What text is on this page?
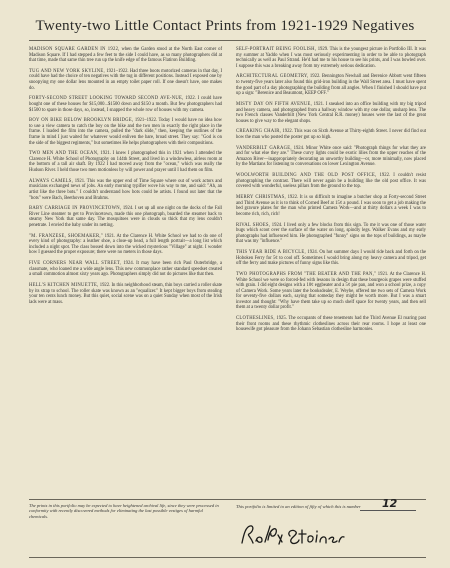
Twenty-two Little Contact Prints from 1921-1929 Negatives

MADISON SQUARE GARDEN IN 1922, when the Garden stood at the North East corner of Madison Square. If I had stepped a few feet to the side I could have, as so many photographers did at that time, made that same thin tree run up the knife edge of the famous Flatiron Building.

TUG AND NEW YORK SKYLINE, 1921–1922. Had three boots motorized cameras in that day, I could have had the choice of ten negatives with the tug in different positions. Instead I exposed one by snoopying my one dollar lens mounted in an empty toilet paper roll. If one doesn't have, one makes do.

FORTY-SECOND STREET LOOKING TOWARD SECOND AVE-NUE, 1922. I could have bought one of these houses for $15,000...$1500 down and $150 a month. But few photographers had $1500 to spare in those days, so, instead, I snapped the whole row of houses with my camera.

BOY ON BIKE BELOW BROOKLYN BRIDGE, 1921–1922. Today I would have no idea how to use a view camera to catch the boy on the bike and the two men in exactly the right place in the frame. I loaded the film into the camera, pulled the "dark slide," then, keeping the outlines of the frame in mind I just waited for whatever would enliven the bare, broad street. They say: "God is on the side of the biggest regiments," but sometimes He helps photographers with their compositions.

TWO MEN AND THE OCEAN, 1921. I knew I photographed this in 1921 when I attended the Clarence H. White School of Photography on 144th Street, and lived in a windowless, airless room at the bottom of a tall air shaft. By 1922 I had moved away from the "ocean," which was really the Hudson River. I held those two men motionless by will power and prayer until I had them on film.

ALWAYS CAMELS, 1921. This was the upper end of Time Square where out of work actors and musicians exchanged news of jobs. An early morning typifier wove his way to me, and said: "Ah, an artist like the three bots." I couldn't understand how bots could be artists. I found out later that the "bots" were Bach, Beethoven and Brahms.

BABY CARRIAGE IN PROVINCETOWN, 1924. I set up all one night on the docks of the Fall River Line steamer to get to Provincetown, made this one photograph, boarded the steamer back to steamy New York that same day. The mosquitoes were in clouds so thick that my lens couldn't penetrate. I envied the baby under its netting.

"M. FRANZESE, SHOEMAKER," 1921. At the Clarence H. White School we had to do one of every kind of photography: a leather shoe, a close-up head, a full length portrait—a long list which included a night spot. The class bossed down into the wicked mysterious "Village" at night. I wonder how I guessed the proper exposure; there were no meters in those days.

FIVE CORNERS NEAR WALL STREET, 1924. It may have been rich Paul Outerbridge, a classmate, who loaned me a wide angle lens. This new commonplace rather standard speedset created a small commotion almost sixty years ago. Photographers simply did not do pictures like that then.

HELL'S KITCHEN MINUETTE, 1922. In this neighborhood steam, thin boys carried a roller skate by its strap to school. The roller skate was known as an "equalizer." It kept bigger boys from stealing your ten cents lunch money. But this quiet, social scene was on a quiet Sunday when most of the Irish lads were at mass.

SELF-PORTRAIT BEING FOOLISH, 1929. This is the youngest picture in Portfolio III. It was my summer at Yaddo when I was most seriously experimenting in order to be able to photograph technically as well as Paul Strand. He'd had me to his house to see his prints, and I was bowled over. I suppose this was a breaking away from my extremely serious dedication.

ARCHITECTURAL GEOMETRY, 1922. Bennington Newhall and Berenice Abbott went fifteen to twenty-five years later also found this grid-iron building in the Wall Street area. I must have spent the good part of a day photographing the building from all angles. When I finished I should have put up a sign: "Berenice and Beaumont, KEEP OFF."

MISTY DAY ON FIFTH AVENUE, 1921. I sneaked into an office building with my big tripod and heavy camera, and photographed from a hallway window with my one dollar, unsharp lens. The two French classes Vanderbilt (New York Central R.R. money) houses were the last of the great houses to give way to the elegant shops.

CREAKING CHAIR, 1922. This was on Sixth Avenue at Thirty-eighth Street. I never did find out how the man who posted the poster got up so high.

VANDERBILT GARAGE, 1924. Minor White once said: "Photograph things for what they are and for what else they are." These curvy lights could be exotic lilies from the upper reaches of the Amazon River—inappropriately decorating an unworthy building—or, more minimally, now placed by the Martians for listening to conversations on lower Lexington Avenue.

WOOLWORTH BUILDING AND THE OLD POST OFFICE, 1922. I couldn't resist photographing the contrast. There will never again be a building like the old post office. It was covered with wonderful, useless pillars from the ground to the top.

MERRY CHRISTMAS, 1922. It is so difficult to imagine a butcher shop at Forty-second Street and Third Avenue as it is to think of Corned Beef at 15¢ a pound. I was soon to get a job making the bed gravure plates for the man who printed Camera Work—and at thirty dollars a week I was to become rich, rich, rich!

RIVAL SHOES, 1924. I lived only a few blocks from this sign. To me it was one of those water bugs which scoot over the surface of the water on long, spindly legs. Walker Evans and my early photographs had influenced him. He photographed "funny" signs on the tops of buildings, as maybe that was my "influence."

THIS YEAR RIDE A BICYCLE, 1924. On hot summer days I would ride back and forth on the Hoboken Ferry for 5¢ to cool off. Sometimes I would bring along my heavy camera and tripod, get off the ferry and make pictures of funny signs like this.

TWO PHOTOGRAPHS FROM "THE BEATER AND THE PAN," 1921. At the Clarence H. White School we were so forced-fed with lessons in design that these bourgeois grapes were stuffed with grain. I did eight designs with a 10¢ eggbeater and a 5¢ pie pan, and won a school prize, a copy of Camera Work. Some years later the booksdealer, E. Weyhe, offered me two sets of Camera Work for seventy-five dollars each, saying that someday they might be worth more. But I was a smart investor and thought: "Why have them take up so much shelf space for twenty years, and then sell them at a twenty dollar profit."

CLOTHESLINES, 1925. The occupants of these tenements had the Third Avenue El roaring past their front rooms and these rhythmic clotheslines across their rear rooms. I hope at least one housewife got pleasure from the Johann Sebastian clothesline harmonies.

The prints in this portfolio may be expected to have heightened archival life, since they were processed in conformity with recently discovered methods for eliminating the last possible vestiges of harmful chemicals.
This portfolio is limited to an edition of fifty of which this is number 12
